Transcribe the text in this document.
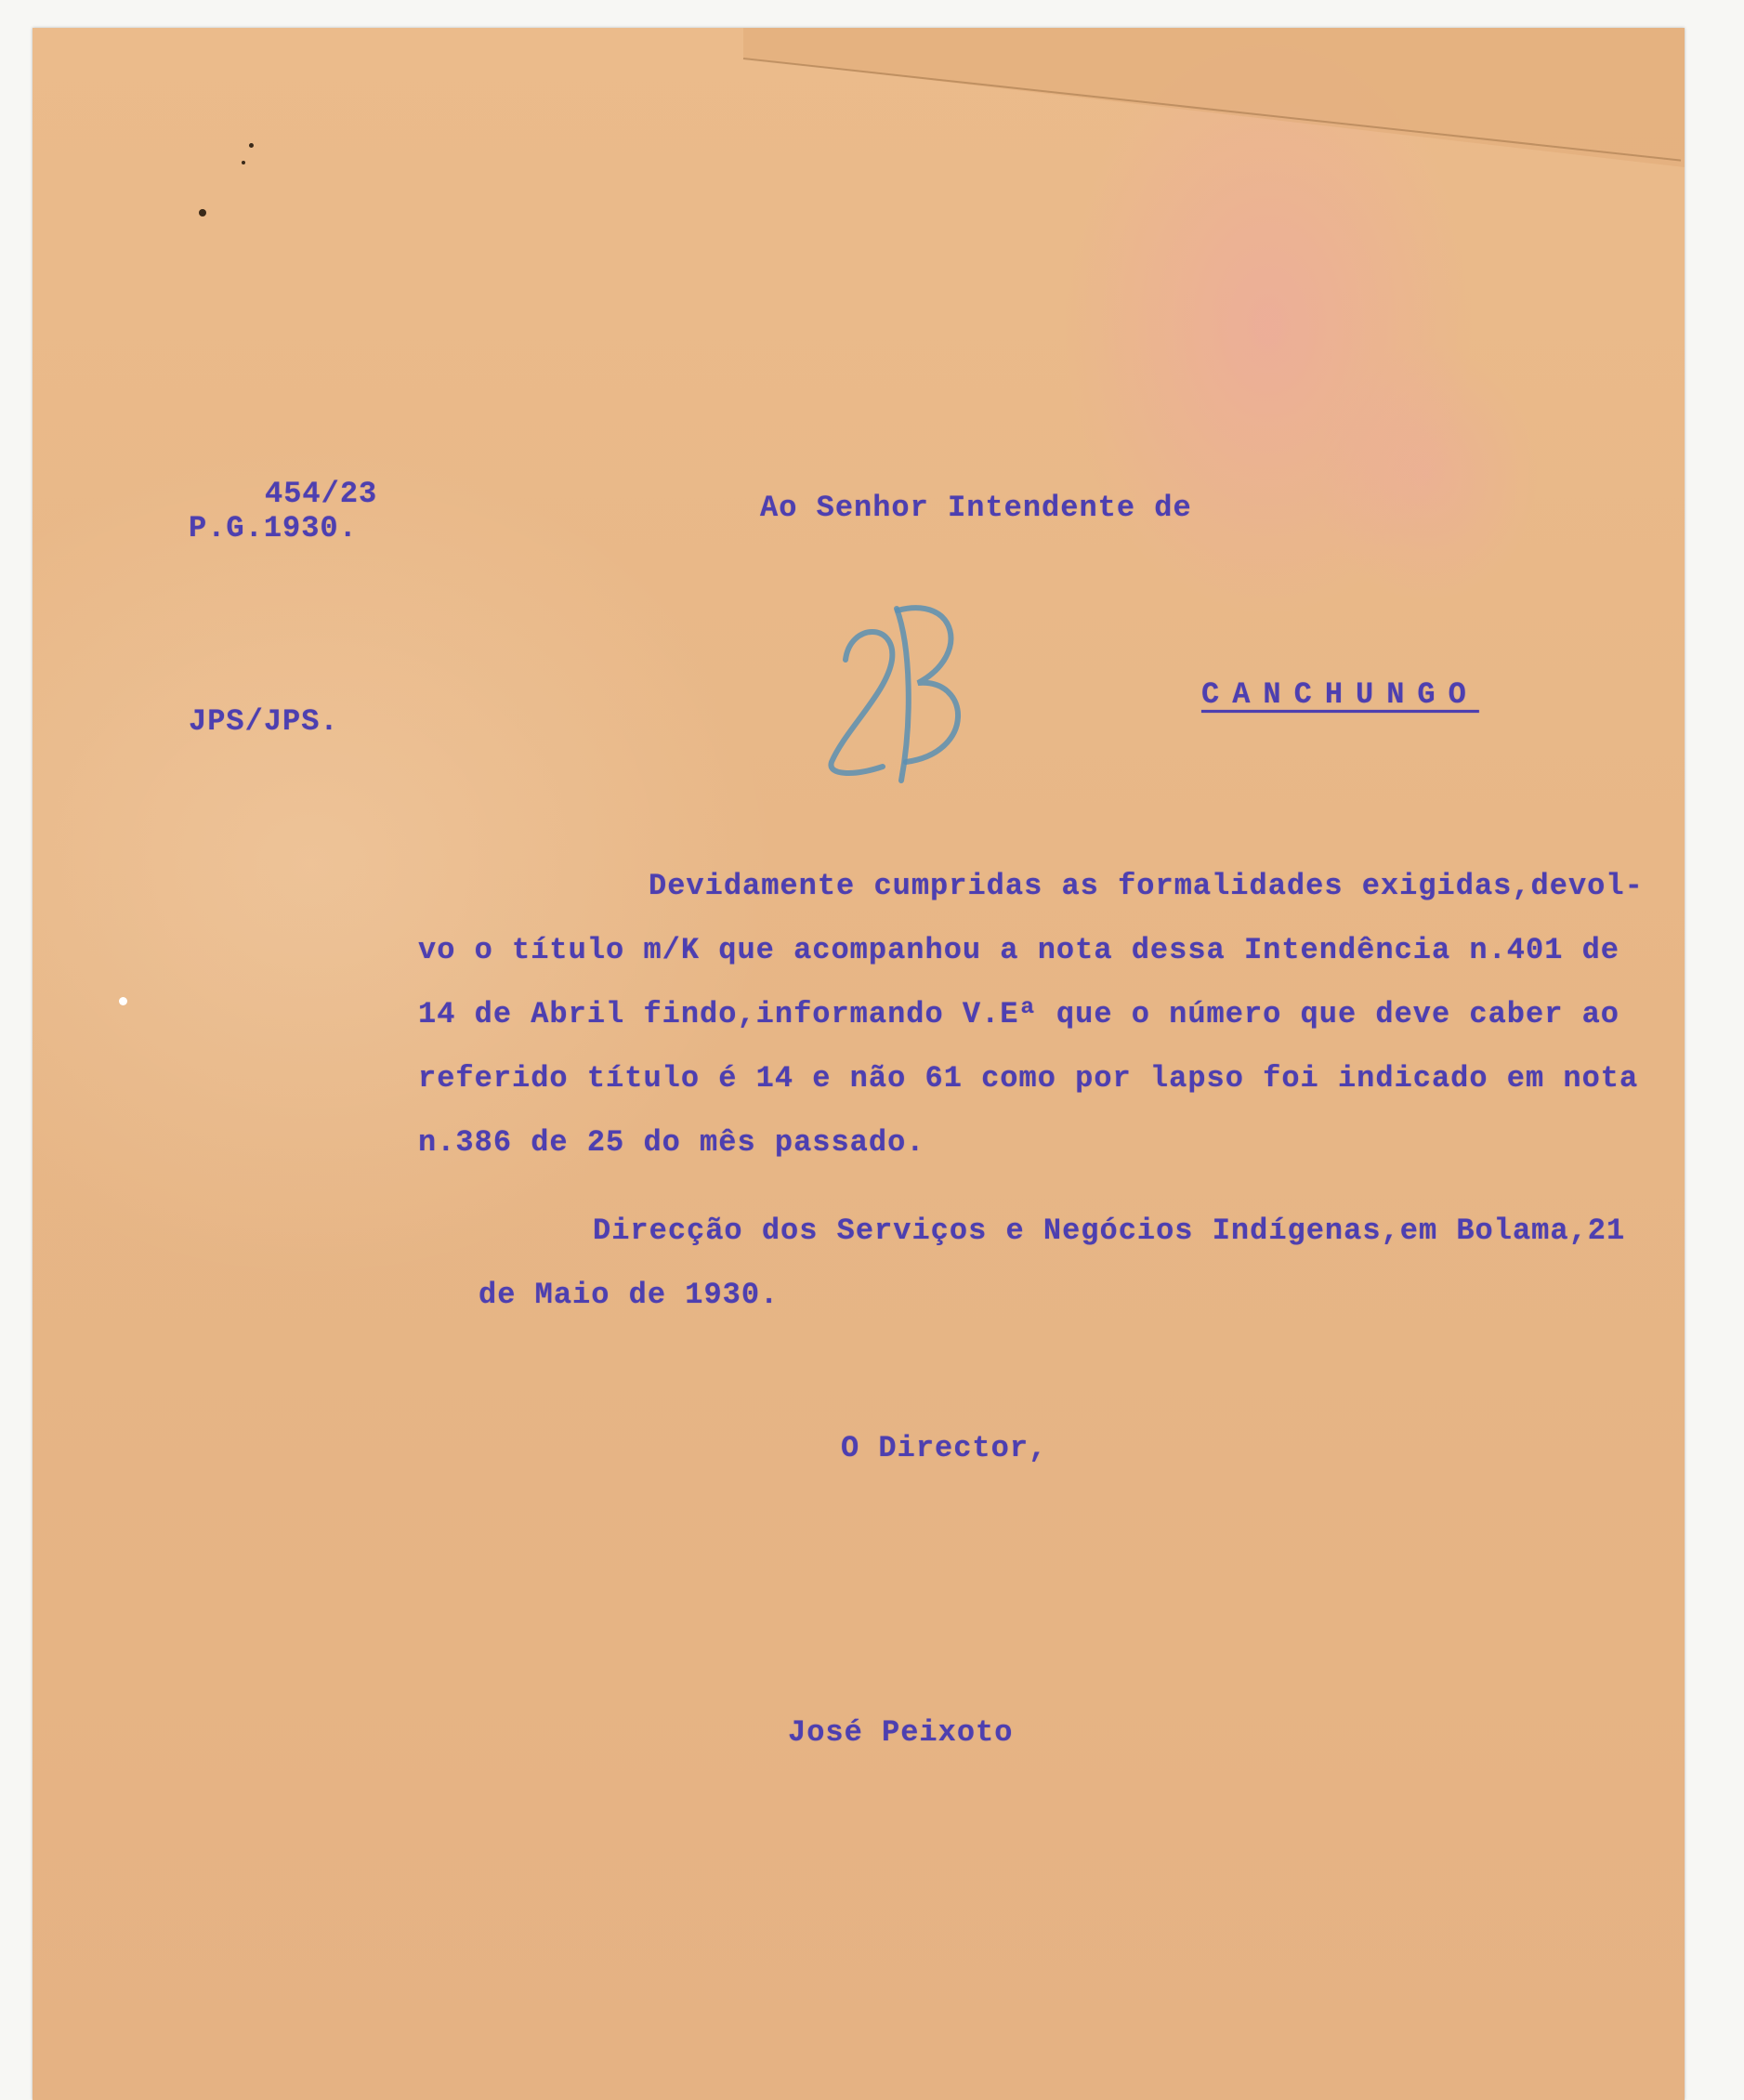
454/23
P.G.1930.
JPS/JPS.
Ao Senhor Intendente de
CANCHUNGO
Devidamente cumpridas as formalidades exigidas,devol-
vo o título m/K que acompanhou a nota dessa Intendência n.401 de
14 de Abril findo,informando V.Eª que o número que deve caber ao
referido título é 14 e não 61 como por lapso foi indicado em nota
n.386 de 25 do mês passado.
Direcção dos Serviços e Negócios Indígenas,em Bolama,21
de Maio de 1930.
O Director,
José Peixoto
